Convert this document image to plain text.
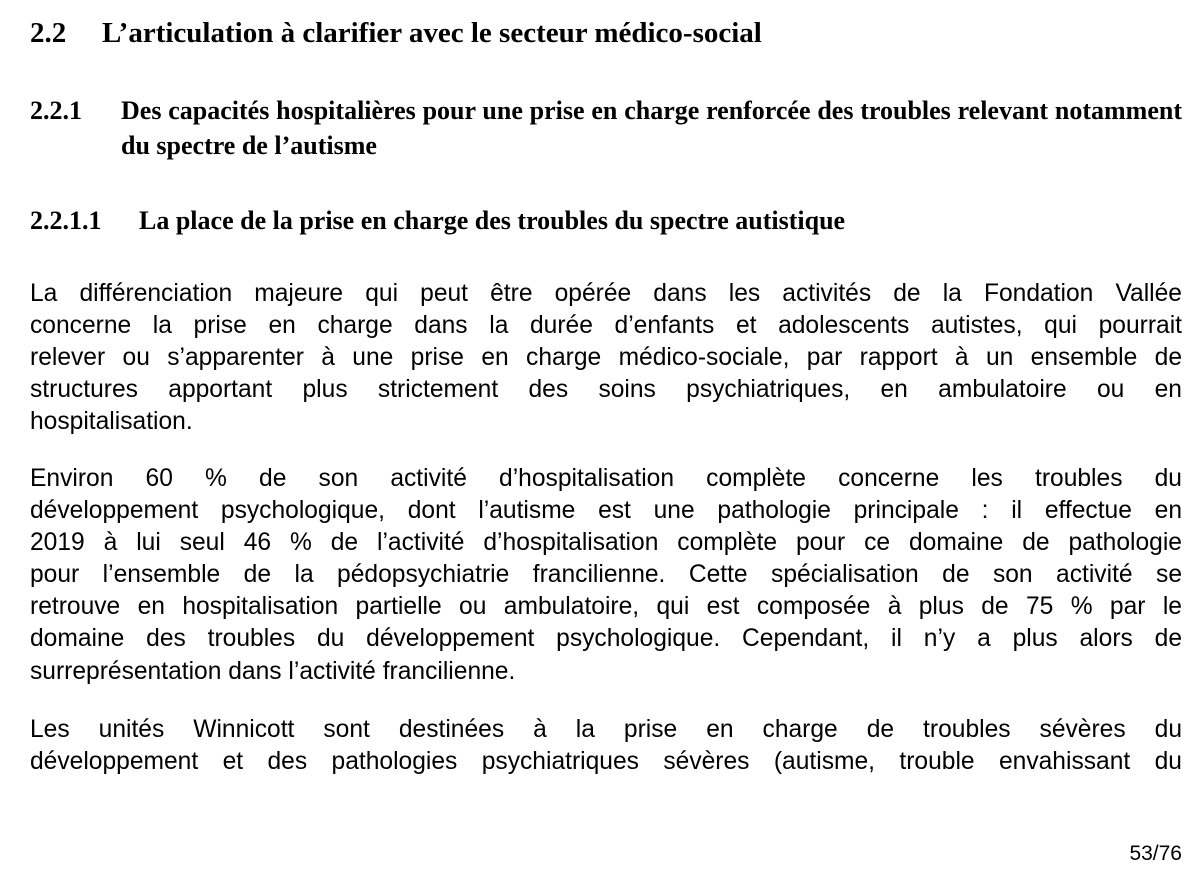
2.2 L’articulation à clarifier avec le secteur médico-social
2.2.1 Des capacités hospitalières pour une prise en charge renforcée des troubles relevant notamment du spectre de l’autisme
2.2.1.1 La place de la prise en charge des troubles du spectre autistique

La différenciation majeure qui peut être opérée dans les activités de la Fondation Vallée
concerne la prise en charge dans la durée d’enfants et adolescents autistes, qui pourrait
relever ou s’apparenter à une prise en charge médico-sociale, par rapport à un ensemble de
structures apportant plus strictement des soins psychiatriques, en ambulatoire ou en
hospitalisation.

Environ 60 % de son activité d’hospitalisation complète concerne les troubles du
développement psychologique, dont l’autisme est une pathologie principale : il effectue en
2019 à lui seul 46 % de l’activité d’hospitalisation complète pour ce domaine de pathologie
pour l’ensemble de la pédopsychiatrie francilienne. Cette spécialisation de son activité se
retrouve en hospitalisation partielle ou ambulatoire, qui est composée à plus de 75 % par le
domaine des troubles du développement psychologique. Cependant, il n’y a plus alors de
surreprésentation dans l’activité francilienne.

Les unités Winnicott sont destinées à la prise en charge de troubles sévères du
développement et des pathologies psychiatriques sévères (autisme, trouble envahissant du

53/76
